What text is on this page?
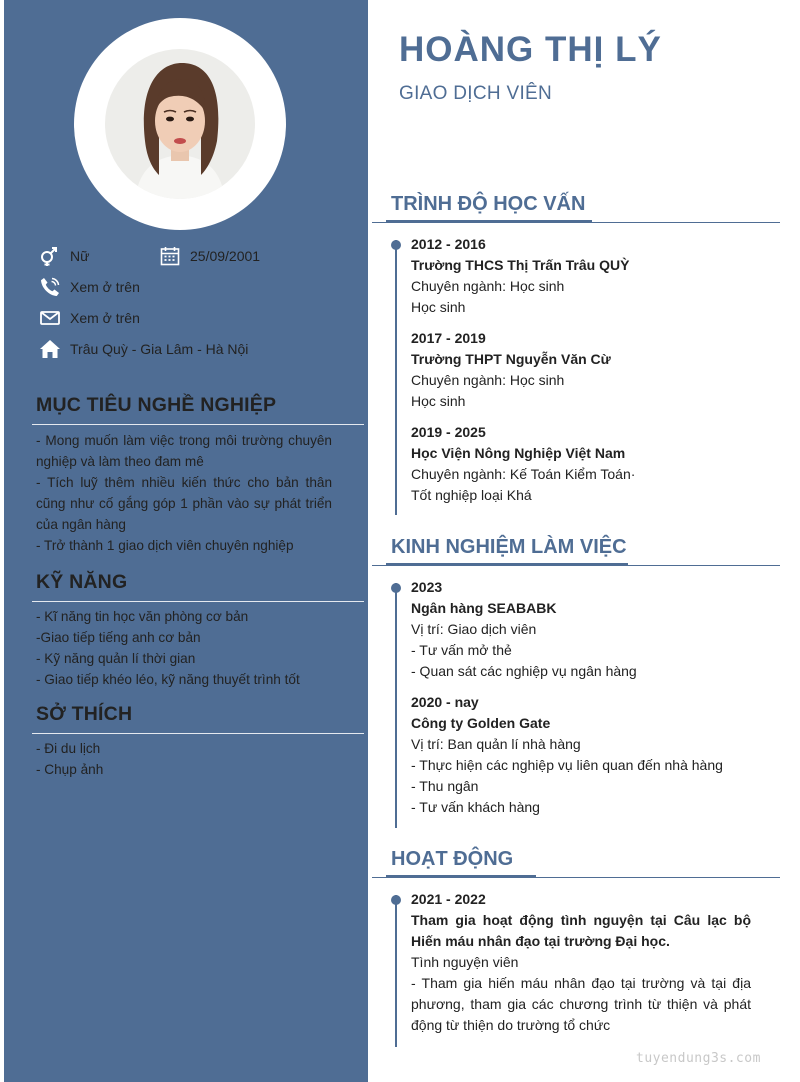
Nữ	25/09/2001
Xem ở trên
Xem ở trên
Trâu Quỳ - Gia Lâm - Hà Nội
MỤC TIÊU NGHỀ NGHIỆP
- Mong muốn làm việc trong môi trường chuyên nghiệp và làm theo đam mê
- Tích luỹ thêm nhiều kiến thức cho bản thân cũng như cố gắng góp 1 phần vào sự phát triển của ngân hàng
- Trở thành 1 giao dịch viên chuyên nghiệp
KỸ NĂNG
- Kĩ năng tin học văn phòng cơ bản
-Giao tiếp tiếng anh cơ bản
- Kỹ năng quản lí thời gian
- Giao tiếp khéo léo, kỹ năng thuyết trình tốt
SỞ THÍCH
- Đi du lịch
- Chụp ảnh
HOÀNG THỊ LÝ
GIAO DỊCH VIÊN
TRÌNH ĐỘ HỌC VẤN
2012 - 2016
Trường THCS Thị Trấn Trâu QUỲ
Chuyên ngành: Học sinh
Học sinh
2017 - 2019
Trường THPT Nguyễn Văn Cừ
Chuyên ngành: Học sinh
Học sinh
2019 - 2025
Học Viện Nông Nghiệp Việt Nam
Chuyên ngành: Kế Toán Kiểm Toán·
Tốt nghiệp loại Khá
KINH NGHIỆM LÀM VIỆC
2023
Ngân hàng SEABABK
Vị trí: Giao dịch viên
- Tư vấn mở thẻ
- Quan sát các nghiệp vụ ngân hàng
2020 - nay
Công ty Golden Gate
Vị trí: Ban quản lí nhà hàng
- Thực hiện các nghiệp vụ liên quan đến nhà hàng
- Thu ngân
- Tư vấn khách hàng
HOẠT ĐỘNG
2021 - 2022
Tham gia hoạt động tình nguyện tại Câu lạc bộ Hiến máu nhân đạo tại trường Đại học.
Tình nguyện viên
- Tham gia hiến máu nhân đạo tại trường và tại địa phương, tham gia các chương trình từ thiện và phát động từ thiện do trường tổ chức
tuyendung3s.com
